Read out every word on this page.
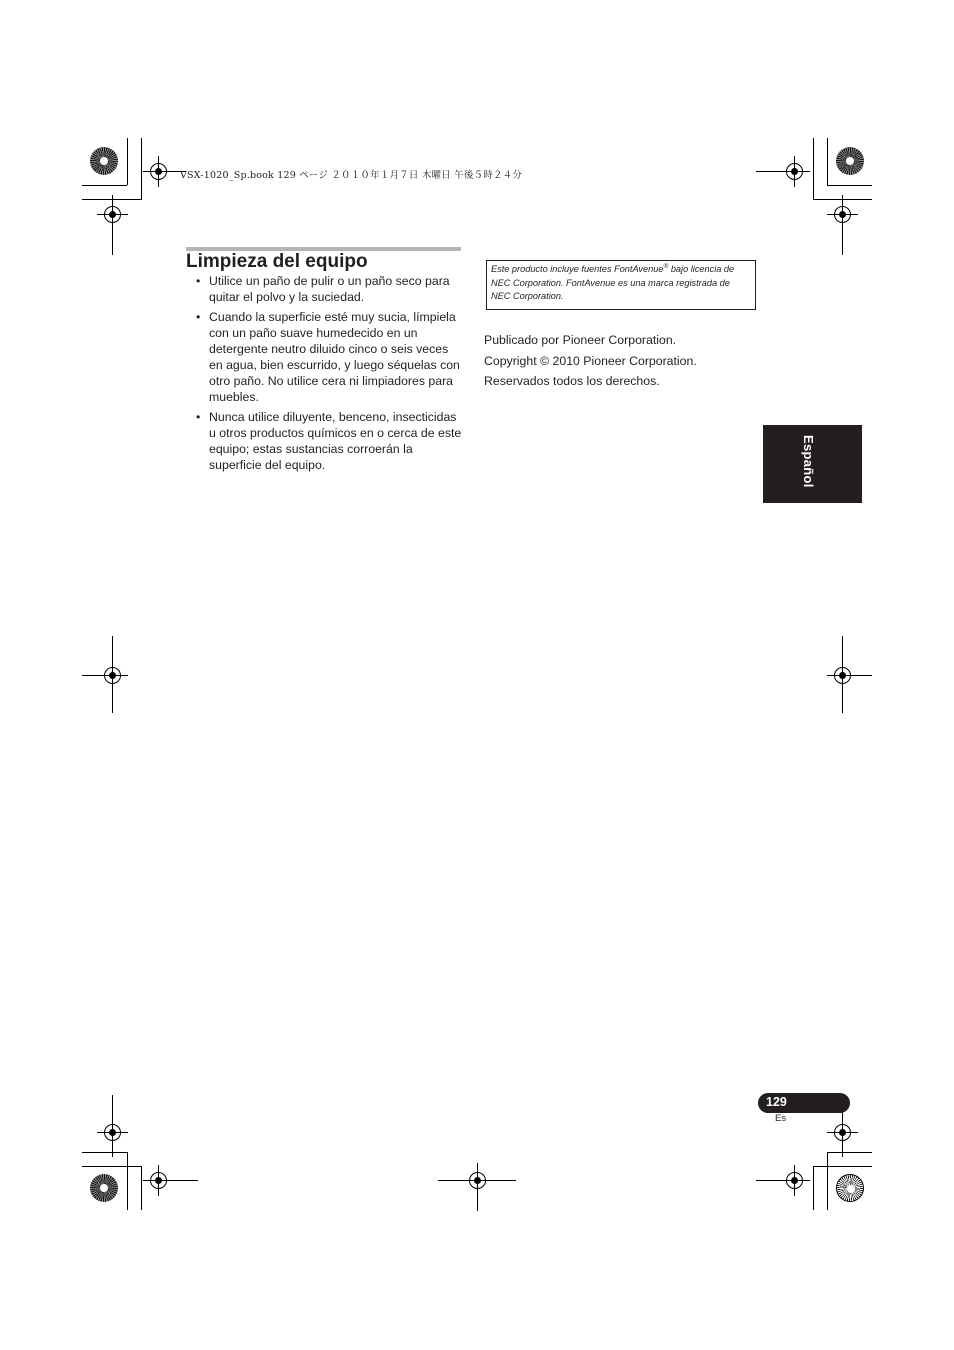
VSX-1020_Sp.book 129 ページ ２０１０年１月７日 木曜日 午後５時２４分
Limpieza del equipo
• Utilice un paño de pulir o un paño seco para quitar el polvo y la suciedad.
• Cuando la superficie esté muy sucia, límpiela con un paño suave humedecido en un detergente neutro diluido cinco o seis veces en agua, bien escurrido, y luego séquelas con otro paño. No utilice cera ni limpiadores para muebles.
• Nunca utilice diluyente, benceno, insecticidas u otros productos químicos en o cerca de este equipo; estas sustancias corroerán la superficie del equipo.
Este producto incluye fuentes FontAvenue® bajo licencia de NEC Corporation. FontAvenue es una marca registrada de NEC Corporation.

Publicado por Pioneer Corporation.

Copyright © 2010 Pioneer Corporation.

Reservados todos los derechos.

Español
129
Es
